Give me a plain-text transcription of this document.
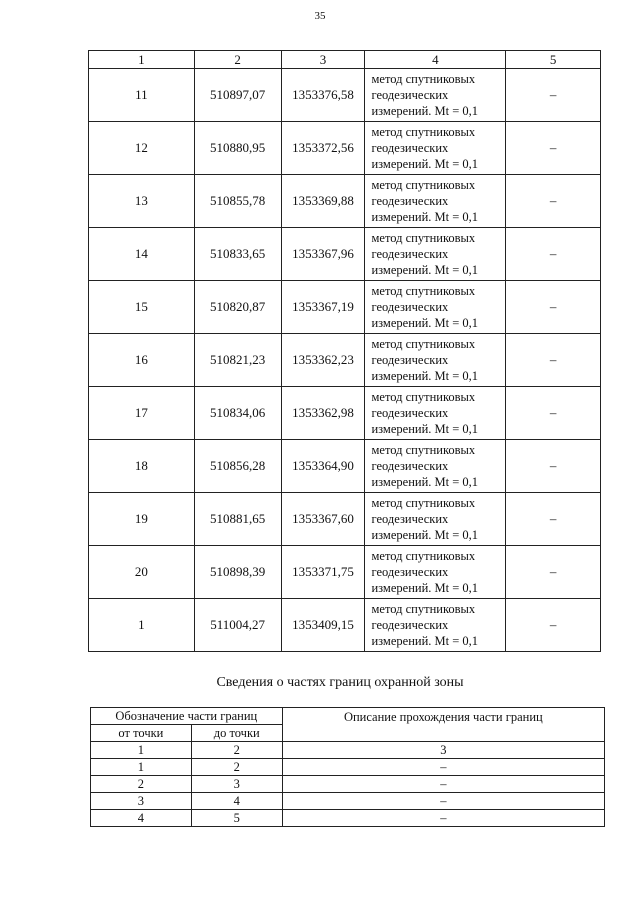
35
1	2	3	4	5
11	510897,07	1353376,58	метод спутниковых
геодезических
измерений. Mt = 0,1	–
12	510880,95	1353372,56	метод спутниковых
геодезических
измерений. Mt = 0,1	–
13	510855,78	1353369,88	метод спутниковых
геодезических
измерений. Mt = 0,1	–
14	510833,65	1353367,96	метод спутниковых
геодезических
измерений. Mt = 0,1	–
15	510820,87	1353367,19	метод спутниковых
геодезических
измерений. Mt = 0,1	–
16	510821,23	1353362,23	метод спутниковых
геодезических
измерений. Mt = 0,1	–
17	510834,06	1353362,98	метод спутниковых
геодезических
измерений. Mt = 0,1	–
18	510856,28	1353364,90	метод спутниковых
геодезических
измерений. Mt = 0,1	–
19	510881,65	1353367,60	метод спутниковых
геодезических
измерений. Mt = 0,1	–
20	510898,39	1353371,75	метод спутниковых
геодезических
измерений. Mt = 0,1	–
1	511004,27	1353409,15	метод спутниковых
геодезических
измерений. Mt = 0,1	–
Сведения о частях границ охранной зоны
Обозначение части границ		Описание прохождения части границ
от точки	до точки	
1	2	3
1	2	–
2	3	–
3	4	–
4	5	–
